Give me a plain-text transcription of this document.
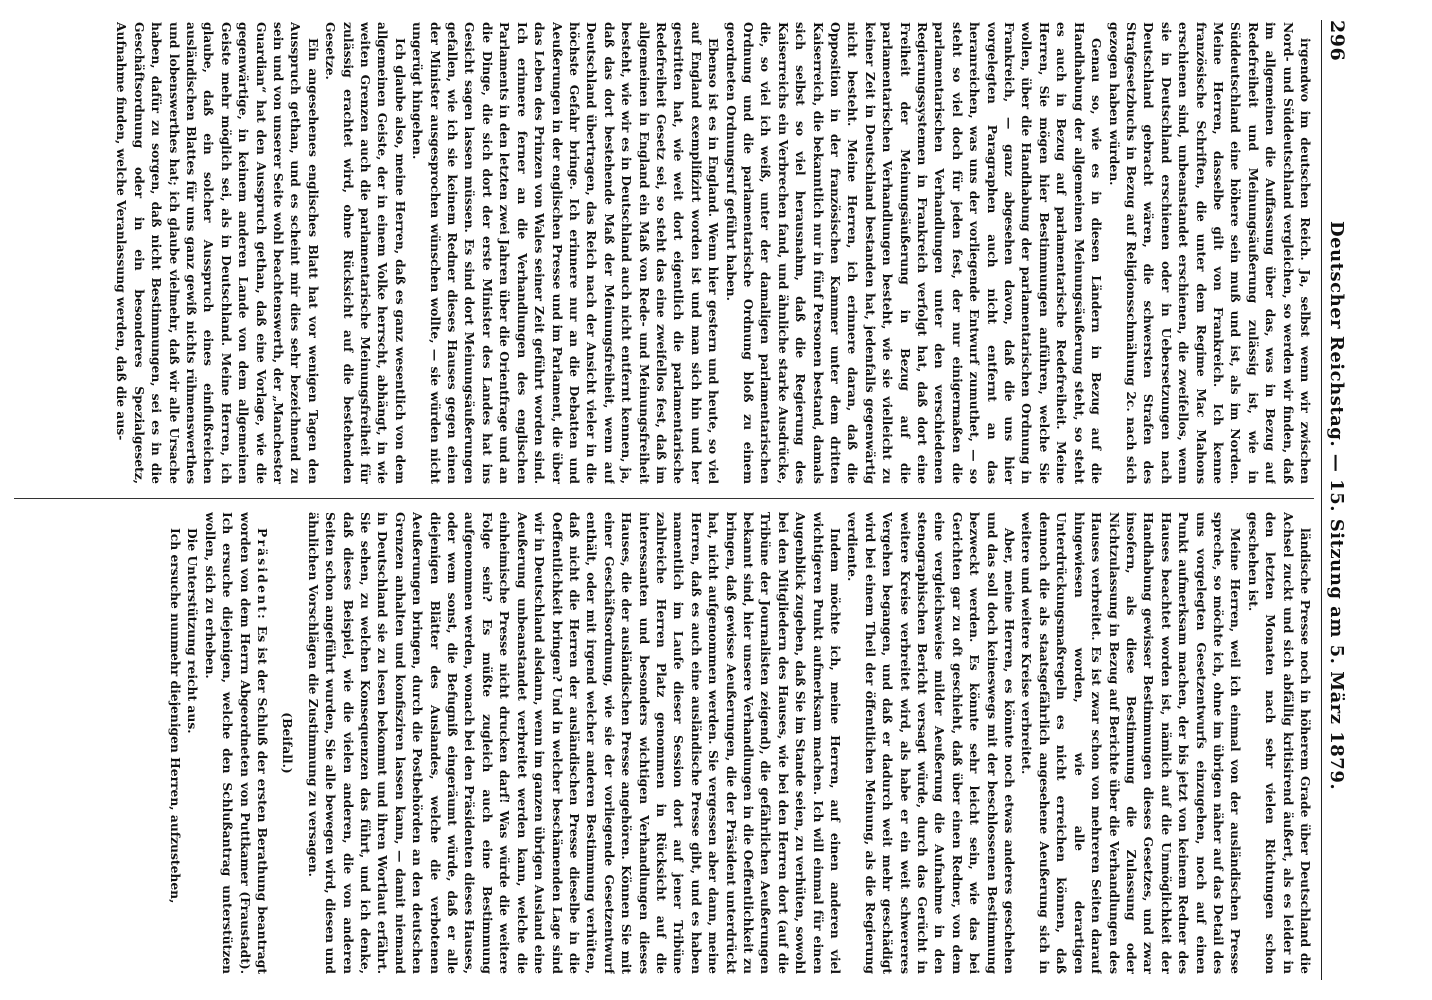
296
Deutscher Reichstag. — 15. Sitzung am 5. März 1879.

irgendwo im deutschen Reich. Ja, selbst wenn wir zwischen Nord- und Süddeutschland vergleichen, so werden wir finden, daß im allgemeinen die Auffassung über das, was in Bezug auf Redefreiheit und Meinungsäußerung zulässig ist, wie in Süddeutschland eine höhere sein muß und ist, als im Norden. Meine Herren, dasselbe gilt von Frankreich. Ich kenne französische Schriften, die unter dem Regime Mac Mahons erschienen sind, unbeanstandet erschienen, die zweifellos, wenn sie in Deutschland erschienen oder in Uebersetzungen nach Deutschland gebracht wären, die schwersten Strafen des Strafgesetzbuchs in Bezug auf Religionsschmähung 2c. nach sich gezogen haben würden.

Genau so, wie es in diesen Ländern in Bezug auf die Handhabung der allgemeinen Meinungsäußerung steht, so steht es auch in Bezug auf parlamentarische Redefreiheit. Meine Herren, Sie mögen hier Bestimmungen anführen, welche Sie wollen, über die Handhabung der parlamentarischen Ordnung in Frankreich, — ganz abgesehen davon, daß die uns hier vorgelegten Paragraphen auch nicht entfernt an das heranreichen, was uns der vorliegende Entwurf zumuthet, — so steht so viel doch für jeden fest, der nur einigermaßen die parlamentarischen Verhandlungen unter den verschiedenen Regierungssystemen in Frankreich verfolgt hat, daß dort eine Freiheit der Meinungsäußerung in Bezug auf die parlamentarischen Verhandlungen besteht, wie sie vielleicht zu keiner Zeit in Deutschland bestanden hat, jedenfalls gegenwärtig nicht besteht. Meine Herren, ich erinnere daran, daß die Opposition in der französischen Kammer unter dem dritten Kaiserreich, die bekanntlich nur in fünf Personen bestand, damals sich selbst so viel herausnahm, daß die Regierung des Kaiserreichs ein Verbrechen fand, und ähnliche starke Ausdrücke, die, so viel ich weiß, unter der damaligen parlamentarischen Ordnung und die parlamentarische Ordnung bloß zu einem geordneten Ordnungsruf geführt haben.

Ebenso ist es in England. Wenn hier gestern und heute, so viel auf England exemplifizirt worden ist und man sich hin und her gestritten hat, wie weit dort eigentlich die parlamentarische Redefreiheit Gesetz sei, so steht das eine zweifellos fest, daß im allgemeinen in England ein Maß von Rede- und Meinungsfreiheit besteht, wie wir es in Deutschland auch nicht entfernt kennen, ja, daß das dort bestehende Maß der Meinungsfreiheit, wenn auf Deutschland übertragen, das Reich nach der Ansicht vieler in die höchste Gefahr bringe. Ich erinnere nur an die Debatten und Aeußerungen in der englischen Presse und im Parlament, die über das Leben des Prinzen von Wales seiner Zeit geführt worden sind. Ich erinnere ferner an die Verhandlungen des englischen Parlaments in den letzten zwei Jahren über die Orientfrage und an die Dinge, die sich dort der erste Minister des Landes hat ins Gesicht sagen lassen müssen. Es sind dort Meinungsäußerungen gefallen, wie ich sie keinem Redner dieses Hauses gegen einen der Minister ausgesprochen wünschen wollte, — sie würden nicht ungerügt hingehen.

Ich glaube also, meine Herren, daß es ganz wesentlich von dem allgemeinen Geiste, der in einem Volke herrscht, abhängt, in wie weiten Grenzen auch die parlamentarische Meinungsfreiheit für zulässig erachtet wird, ohne Rücksicht auf die bestehenden Gesetze.

Ein angesehenes englisches Blatt hat vor wenigen Tagen den Ausspruch gethan, und es scheint mir dies sehr bezeichnend zu sein und von unserer Seite wohl beachtenswerth, der „Manchester Guardian“ hat den Ausspruch gethan, daß eine Vorlage, wie die gegenwärtige, in keinem anderen Lande von dem allgemeinen Geiste mehr möglich sei, als in Deutschland. Meine Herren, ich glaube, daß ein solcher Ausspruch eines einflußreichen ausländischen Blattes für uns ganz gewiß nichts rühmenswerthes und lobenswerthes hat; ich glaube vielmehr, daß wir alle Ursache haben, dafür zu sorgen, daß nicht Bestimmungen, sei es in die Geschäftsordnung oder in ein besonderes Spezialgesetz, Aufnahme finden, welche Veranlassung werden, daß die aus-

ländische Presse noch in höherem Grade über Deutschland die Achsel zuckt und sich abfällig kritisirend äußert, als es leider in den letzten Monaten nach sehr vielen Richtungen schon geschehen ist.

Meine Herren, weil ich einmal von der ausländischen Presse spreche, so möchte ich, ohne im übrigen näher auf das Detail des uns vorgelegten Gesetzentwurfs einzugehen, noch auf einen Punkt aufmerksam machen, der bis jetzt von keinem Redner des Hauses beachtet worden ist, nämlich auf die Unmöglichkeit der Handhabung gewisser Bestimmungen dieses Gesetzes, und zwar insofern, als diese Bestimmung die Zulassung oder Nichtzulassung in Bezug auf Berichte über die Verhandlungen des Hauses verbreitet. Es ist zwar schon von mehreren Seiten darauf hingewiesen worden, wie alle derartigen Unterdrückungsmaßregeln es nicht erreichen können, daß dennoch die als staatsgefährlich angesehene Aeußerung sich in weitere und weitere Kreise verbreitet.

Aber, meine Herren, es könnte noch etwas anderes geschehen und das soll doch keineswegs mit der beschlossenen Bestimmung bezweckt werden. Es könnte sehr leicht sein, wie das bei Gerichten gar zu oft geschieht, daß über einen Redner, von dem eine vergleichsweise milder Aeußerung die Aufnahme in den stenographischen Bericht versagt würde, durch das Gerücht in weitere Kreise verbreitet wird, als habe er ein weit schwereres Vergehen begangen, und daß er dadurch weit mehr geschädigt wird bei einem Theil der öffentlichen Meinung, als die Regierung verdiente.

Indem möchte ich, meine Herren, auf einen anderen viel wichtigeren Punkt aufmerksam machen. Ich will einmal für einen Augenblick zugeben, daß Sie im Stande seien, zu verhüten, sowohl bei den Mitgliedern des Hauses, wie bei den Herren dort (auf die Tribüne der Journalisten zeigend), die gefährlichen Aeußerungen bekannt sind, hier unsere Verhandlungen in die Oeffentlichkeit zu bringen, daß gewisse Aeußerungen, die der Präsident unterdrückt hat, nicht aufgenommen werden. Sie vergessen aber dann, meine Herren, daß es auch eine ausländische Presse gibt, und es haben namentlich im Laufe dieser Session dort auf jener Tribüne zahlreiche Herren Platz genommen in Rücksicht auf die interessanten und besonders wichtigen Verhandlungen dieses Hauses, die der ausländischen Presse angehören. Können Sie mit einer Geschäftsordnung, wie sie der vorliegende Gesetzentwurf enthält, oder mit irgend welcher anderen Bestimmung verhüten, daß nicht die Herren der ausländischen Presse dieselbe in die Oeffentlichkeit bringen? Und in welcher beschämenden Lage sind wir in Deutschland alsdann, wenn im ganzen übrigen Ausland eine Aeußerung unbeanstandet verbreitet werden kann, welche die einheimische Presse nicht drucken darf! Was würde die weitere Folge sein? Es müßte zugleich auch eine Bestimmung aufgenommen werden, wonach bei den Präsidenten dieses Hauses, oder wem sonst, die Befugniß eingeräumt würde, daß er alle diejenigen Blätter des Auslandes, welche die verbotenen Aeußerungen bringen, durch die Postbehörden an den deutschen Grenzen anhalten und konfisziren lassen kann, — damit niemand in Deutschland sie zu lesen bekommt und ihren Wortlaut erfährt. Sie sehen, zu welchen Konsequenzen das führt, und ich denke, daß dieses Beispiel, wie die vielen anderen, die von anderen Seiten schon angeführt wurden, Sie alle bewegen wird, diesen und ähnlichen Vorschlägen die Zustimmung zu versagen.

(Beifall.)

Präsident: Es ist der Schluß der ersten Berathung beantragt worden von dem Herrn Abgeordneten von Puttkamer (Fraustadt). Ich ersuche diejenigen, welche den Schlußantrag unterstützen wollen, sich zu erheben.

Die Unterstützung reicht aus.

Ich ersuche nunmehr diejenigen Herren, aufzustehen,
